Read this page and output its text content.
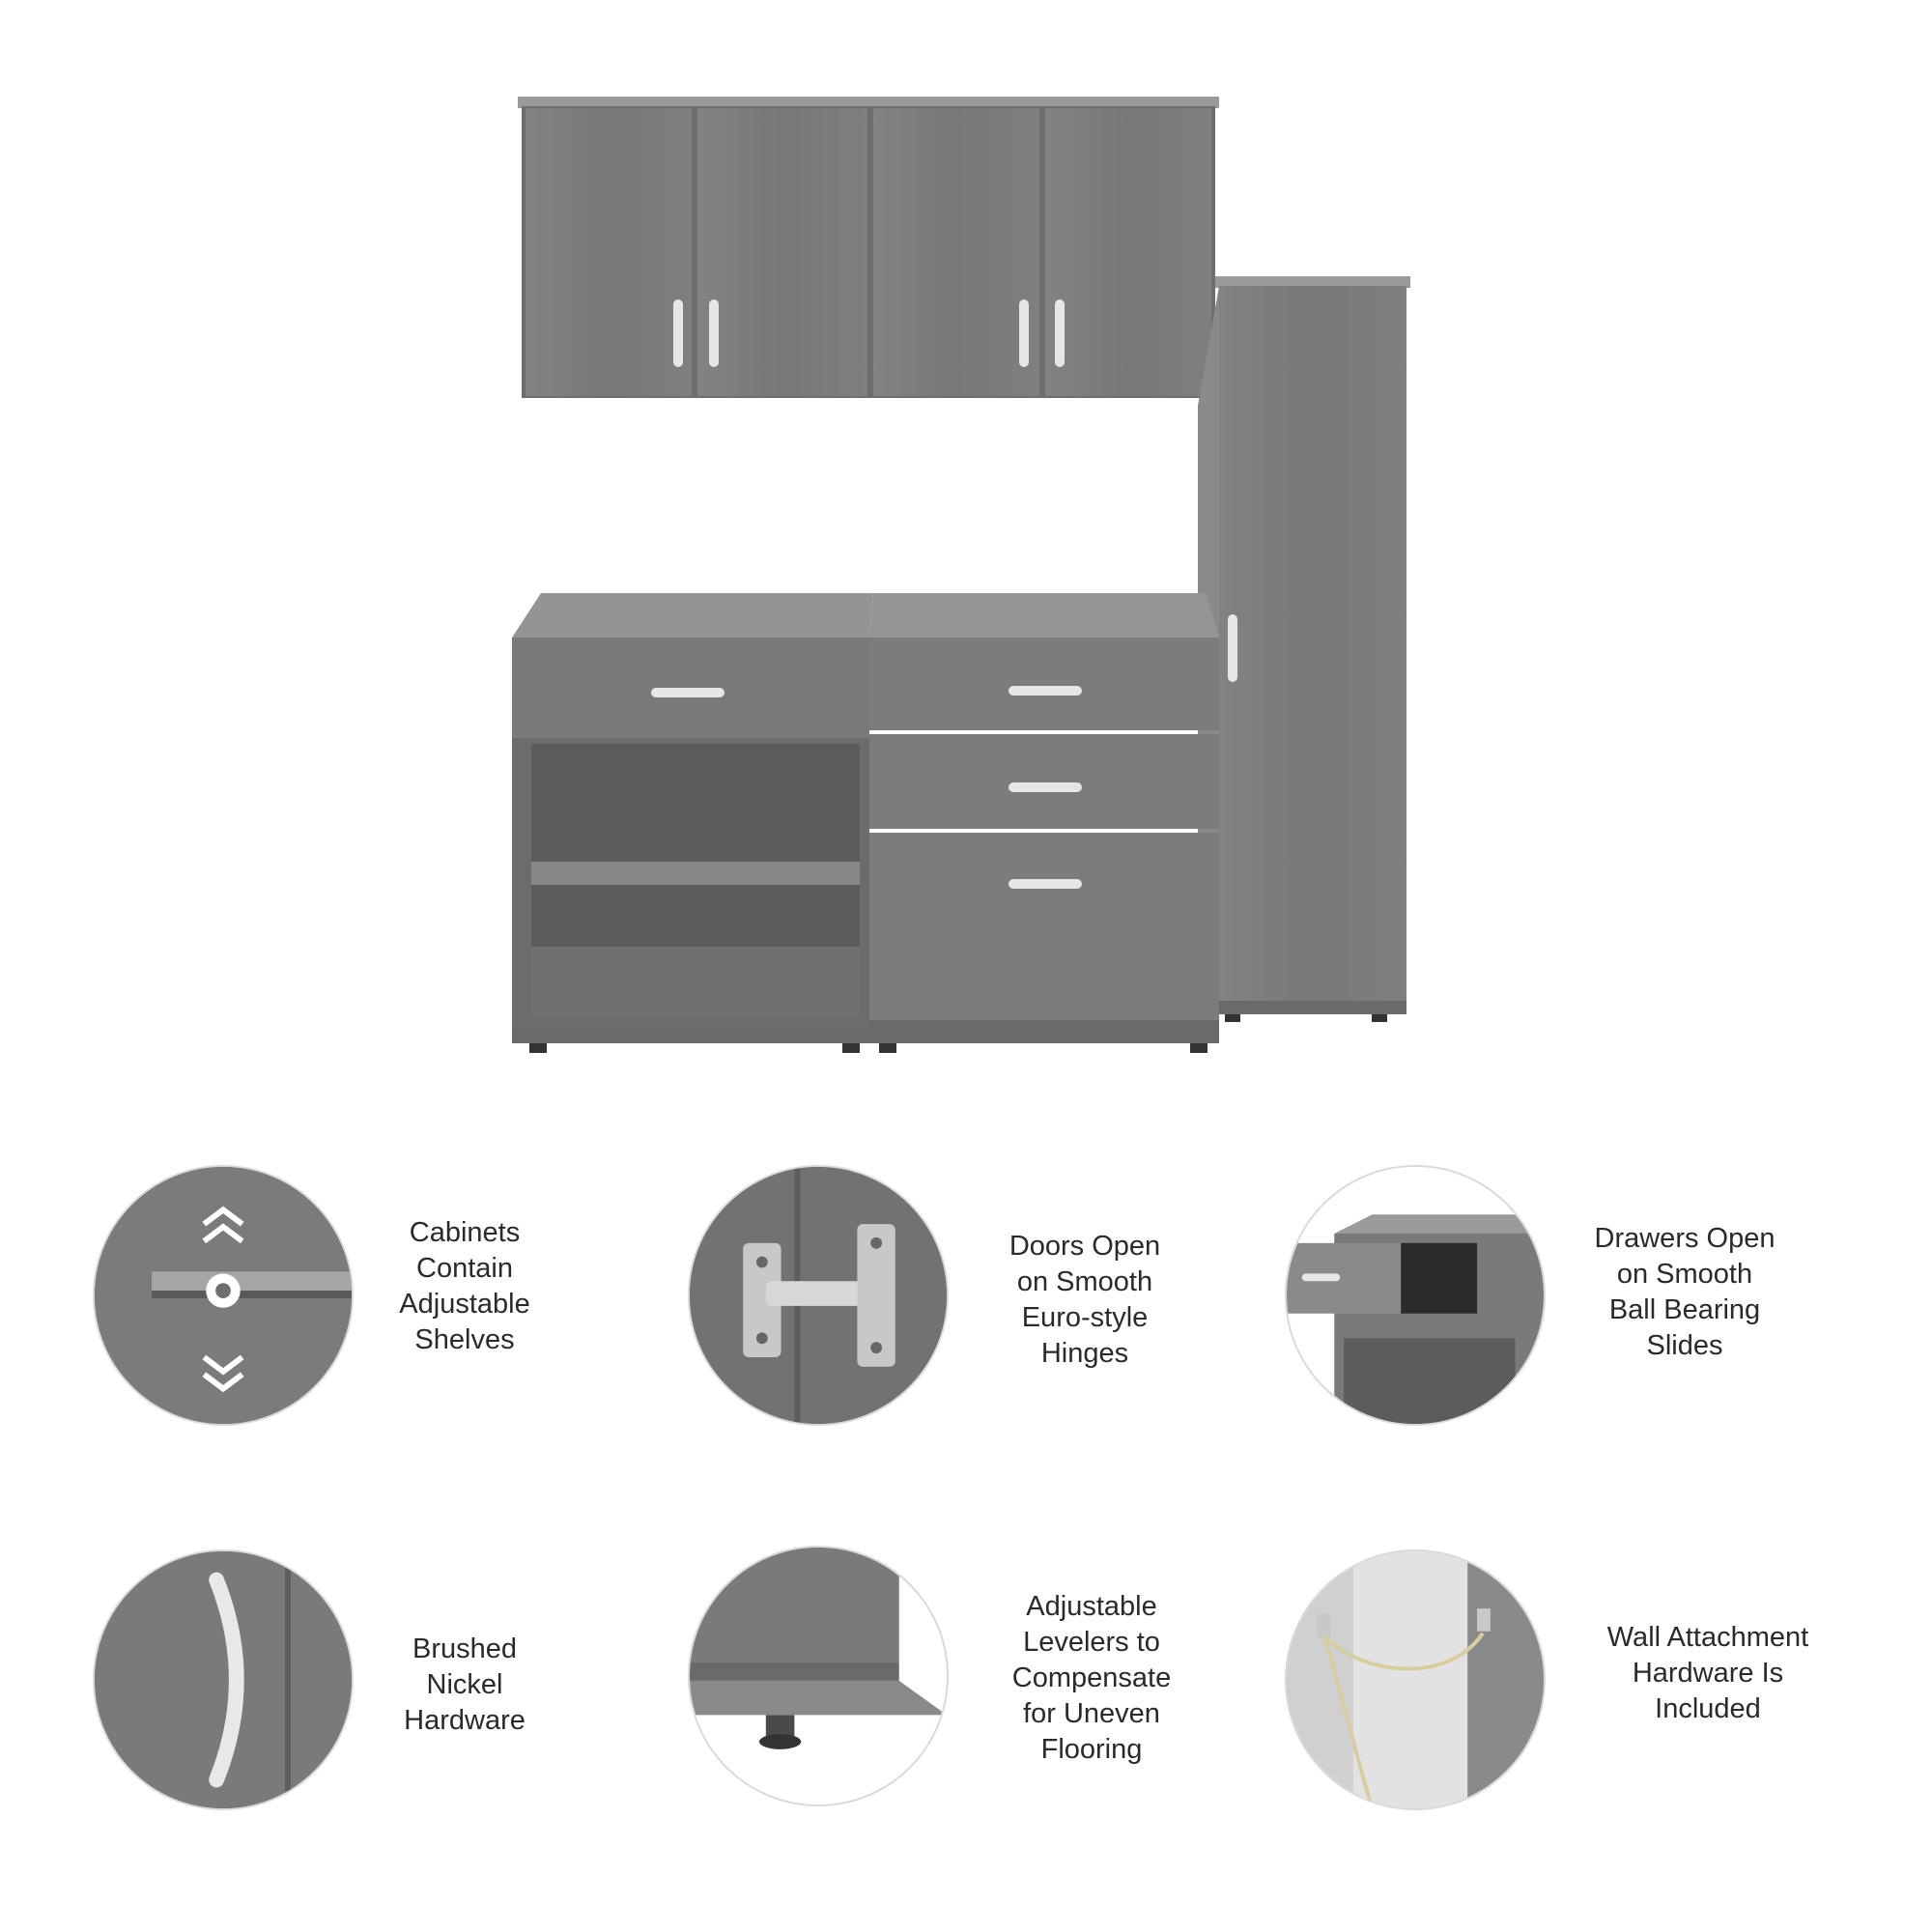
Cabinets
Contain
Adjustable
Shelves
Doors Open
on Smooth
Euro-style
Hinges
Drawers Open
on Smooth
Ball Bearing
Slides
Brushed
Nickel
Hardware
Adjustable
Levelers to
Compensate
for Uneven
Flooring
Wall Attachment
Hardware Is
Included
